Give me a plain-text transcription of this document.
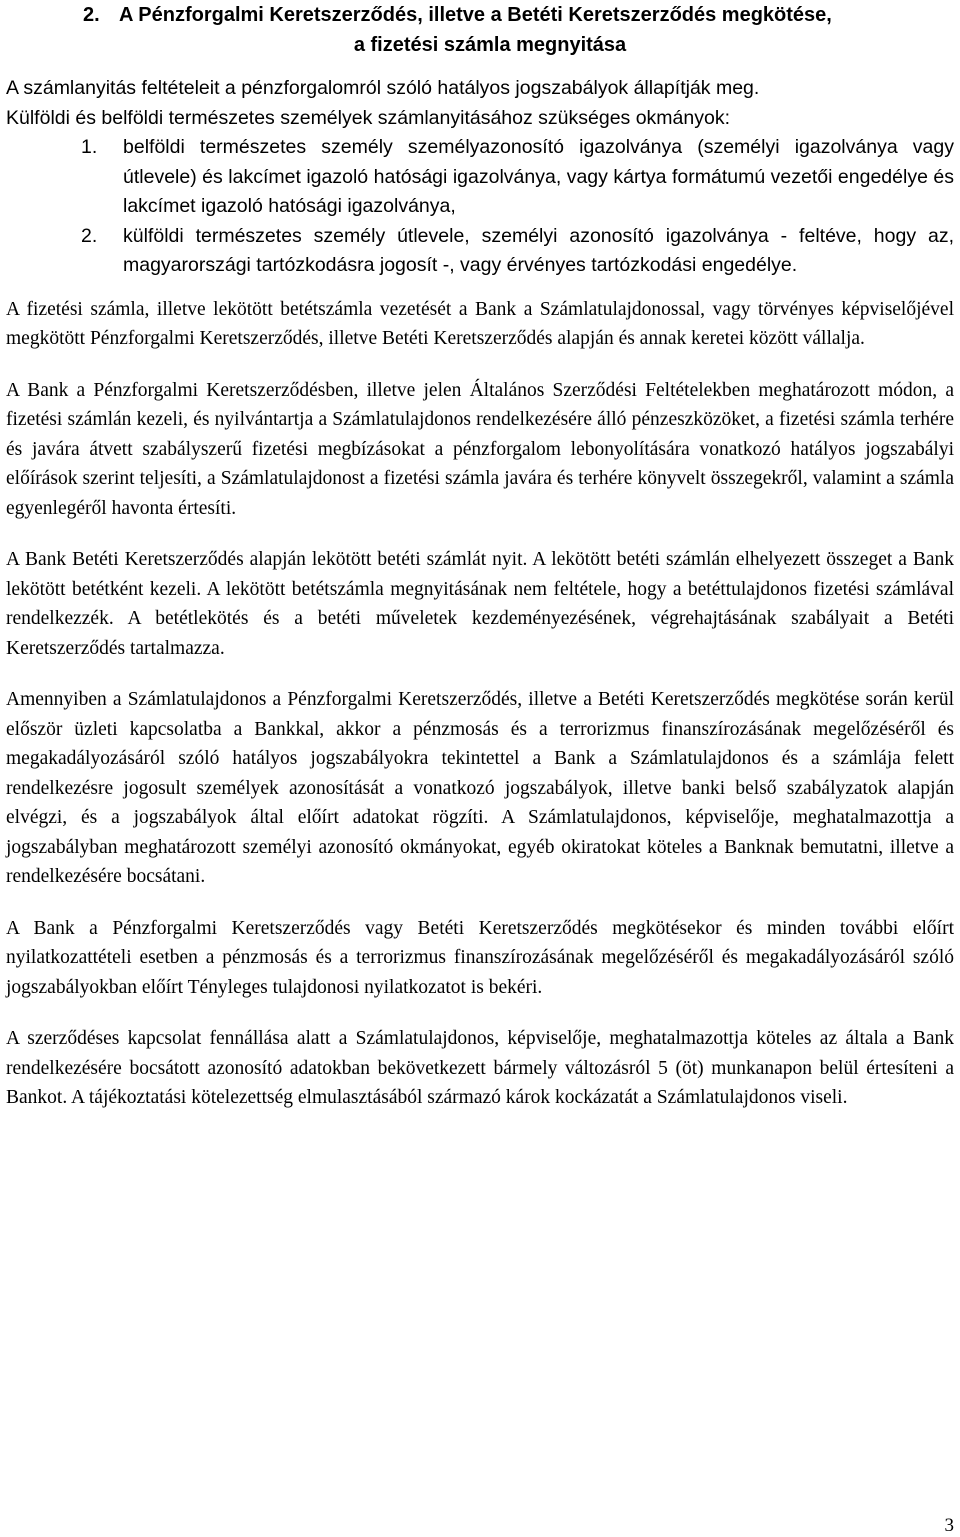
2. A Pénzforgalmi Keretszerződés, illetve a Betéti Keretszerződés megkötése,
a fizetési számla megnyitása

A számlanyitás feltételeit a pénzforgalomról szóló hatályos jogszabályok állapítják meg.

Külföldi és belföldi természetes személyek számlanyitásához szükséges okmányok:

1. belföldi természetes személy személyazonosító igazolványa (személyi igazolványa vagy útlevele) és lakcímet igazoló hatósági igazolványa, vagy kártya formátumú vezetői engedélye és lakcímet igazoló hatósági igazolványa,
2. külföldi természetes személy útlevele, személyi azonosító igazolványa - feltéve, hogy az, magyarországi tartózkodásra jogosít -, vagy érvényes tartózkodási engedélye.

A fizetési számla, illetve lekötött betétszámla vezetését a Bank a Számlatulajdonossal, vagy törvényes képviselőjével megkötött Pénzforgalmi Keretszerződés, illetve Betéti Keretszerződés alapján és annak keretei között vállalja.

A Bank a Pénzforgalmi Keretszerződésben, illetve jelen Általános Szerződési Feltételekben meghatározott módon, a fizetési számlán kezeli, és nyilvántartja a Számlatulajdonos rendelkezésére álló pénzeszközöket, a fizetési számla terhére és javára átvett szabályszerű fizetési megbízásokat a pénzforgalom lebonyolítására vonatkozó hatályos jogszabályi előírások szerint teljesíti, a Számlatulajdonost a fizetési számla javára és terhére könyvelt összegekről, valamint a számla egyenlegéről havonta értesíti.

A Bank Betéti Keretszerződés alapján lekötött betéti számlát nyit. A lekötött betéti számlán elhelyezett összeget a Bank lekötött betétként kezeli. A lekötött betétszámla megnyitásának nem feltétele, hogy a betéttulajdonos fizetési számlával rendelkezzék. A betétlekötés és a betéti műveletek kezdeményezésének, végrehajtásának szabályait a Betéti Keretszerződés tartalmazza.

Amennyiben a Számlatulajdonos a Pénzforgalmi Keretszerződés, illetve a Betéti Keretszerződés megkötése során kerül először üzleti kapcsolatba a Bankkal, akkor a pénzmosás és a terrorizmus finanszírozásának megelőzéséről és megakadályozásáról szóló hatályos jogszabályokra tekintettel a Bank a Számlatulajdonos és a számlája felett rendelkezésre jogosult személyek azonosítását a vonatkozó jogszabályok, illetve banki belső szabályzatok alapján elvégzi, és a jogszabályok által előírt adatokat rögzíti. A Számlatulajdonos, képviselője, meghatalmazottja a jogszabályban meghatározott személyi azonosító okmányokat, egyéb okiratokat köteles a Banknak bemutatni, illetve a rendelkezésére bocsátani.

A Bank a Pénzforgalmi Keretszerződés vagy Betéti Keretszerződés megkötésekor és minden további előírt nyilatkozattételi esetben a pénzmosás és a terrorizmus finanszírozásának megelőzéséről és megakadályozásáról szóló jogszabályokban előírt Tényleges tulajdonosi nyilatkozatot is bekéri.

A szerződéses kapcsolat fennállása alatt a Számlatulajdonos, képviselője, meghatalmazottja köteles az általa a Bank rendelkezésére bocsátott azonosító adatokban bekövetkezett bármely változásról 5 (öt) munkanapon belül értesíteni a Bankot. A tájékoztatási kötelezettség elmulasztásából származó károk kockázatát a Számlatulajdonos viseli.

3
